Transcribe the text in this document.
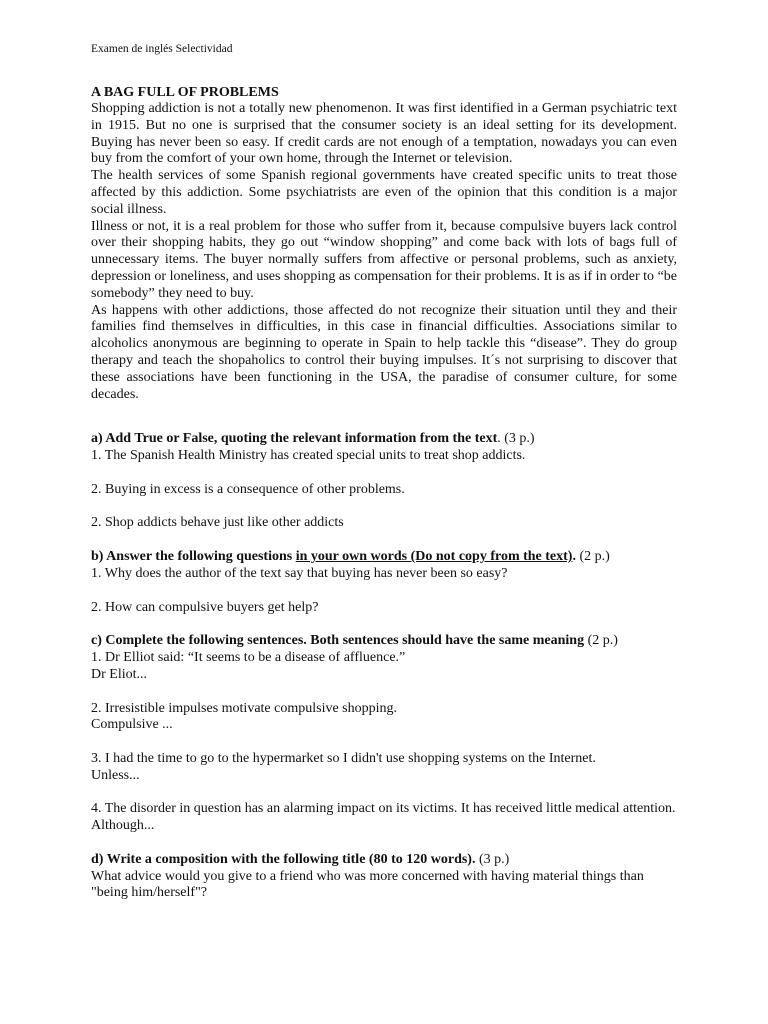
Examen de inglés Selectividad

A BAG FULL OF PROBLEMS

Shopping addiction is not a totally new phenomenon. It was first identified in a German psychiatric text in 1915. But no one is surprised that the consumer society is an ideal setting for its development. Buying has never been so easy. If credit cards are not enough of a temptation, nowadays you can even buy from the comfort of your own home, through the Internet or television.

The health services of some Spanish regional governments have created specific units to treat those affected by this addiction. Some psychiatrists are even of the opinion that this condition is a major social illness.

Illness or not, it is a real problem for those who suffer from it, because compulsive buyers lack control over their shopping habits, they go out “window shopping” and come back with lots of bags full of unnecessary items. The buyer normally suffers from affective or personal problems, such as anxiety, depression or loneliness, and uses shopping as compensation for their problems. It is as if in order to “be somebody” they need to buy.

As happens with other addictions, those affected do not recognize their situation until they and their families find themselves in difficulties, in this case in financial difficulties. Associations similar to alcoholics anonymous are beginning to operate in Spain to help tackle this “disease”. They do group therapy and teach the shopaholics to control their buying impulses. It´s not surprising to discover that these associations have been functioning in the USA, the paradise of consumer culture, for some decades.

a) Add True or False, quoting the relevant information from the text. (3 p.)

1. The Spanish Health Ministry has created special units to treat shop addicts.

2. Buying in excess is a consequence of other problems.

2. Shop addicts behave just like other addicts

b) Answer the following questions in your own words (Do not copy from the text). (2 p.)

1. Why does the author of the text say that buying has never been so easy?

2. How can compulsive buyers get help?

c) Complete the following sentences. Both sentences should have the same meaning (2 p.)

1. Dr Elliot said: “It seems to be a disease of affluence.”

Dr Eliot...

2. Irresistible impulses motivate compulsive shopping.

Compulsive ...

3. I had the time to go to the hypermarket so I didn't use shopping systems on the Internet.

Unless...

4. The disorder in question has an alarming impact on its victims. It has received little medical attention.

Although...

d) Write a composition with the following title (80 to 120 words). (3 p.)

What advice would you give to a friend who was more concerned with having material things than "being him/herself"?
